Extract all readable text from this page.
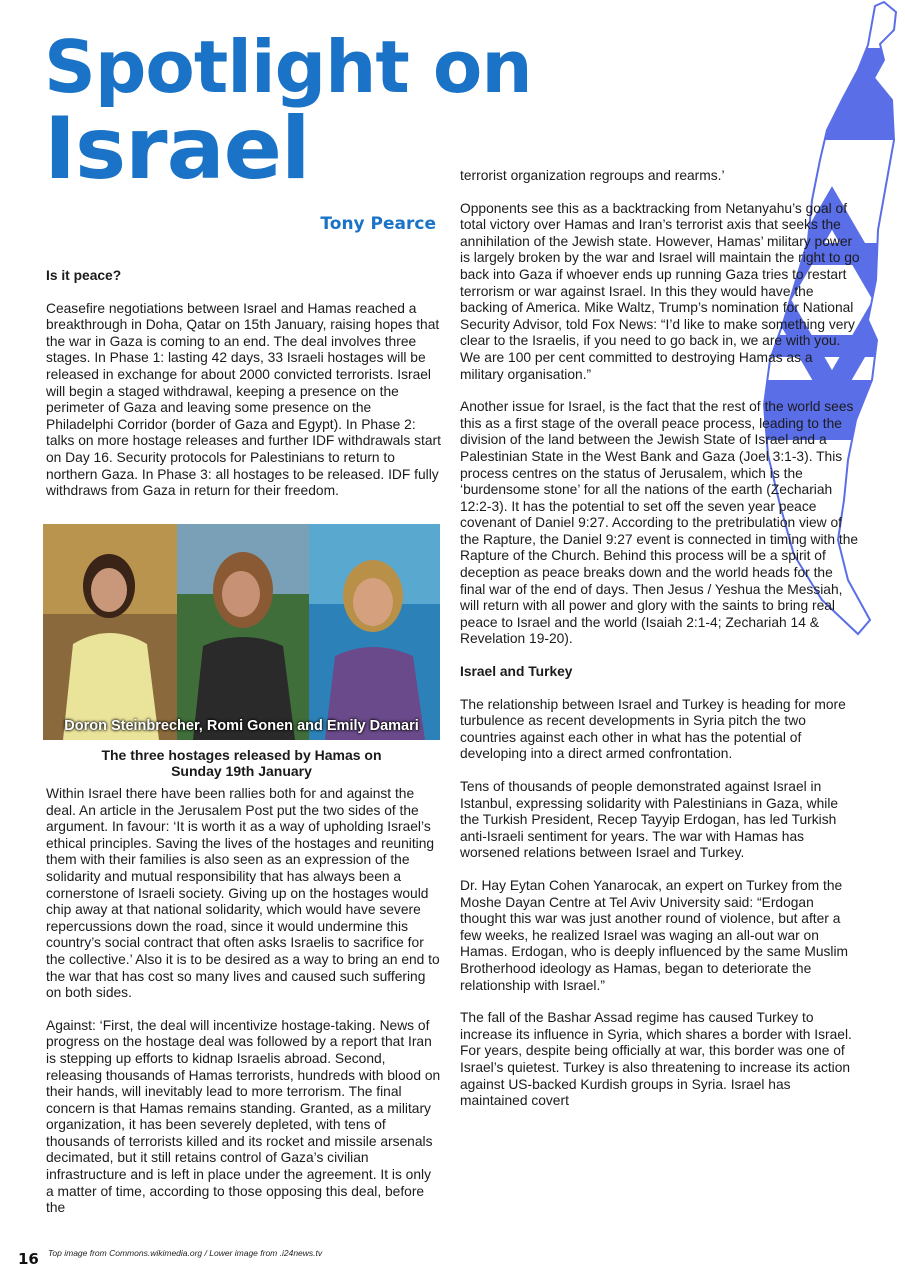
Spotlight on
Israel

Tony Pearce

Is it peace?

Ceasefire negotiations between Israel and Hamas reached a breakthrough in Doha, Qatar on 15th January, raising hopes that the war in Gaza is coming to an end. The deal involves three stages. In Phase 1: lasting 42 days, 33 Israeli hostages will be released in exchange for about 2000 convicted terrorists. Israel will begin a staged withdrawal, keeping a presence on the perimeter of Gaza and leaving some presence on the Philadelphi Corridor (border of Gaza and Egypt). In Phase 2: talks on more hostage releases and further IDF withdrawals start on Day 16. Security protocols for Palestinians to return to northern Gaza. In Phase 3: all hostages to be released. IDF fully withdraws from Gaza in return for their freedom.

Doron Steinbrecher, Romi Gonen and Emily Damari

The three hostages released by Hamas on
Sunday 19th January

Within Israel there have been rallies both for and against the deal. An article in the Jerusalem Post put the two sides of the argument. In favour: ‘It is worth it as a way of upholding Israel’s ethical principles. Saving the lives of the hostages and reuniting them with their families is also seen as an expression of the solidarity and mutual responsibility that has always been a cornerstone of Israeli society. Giving up on the hostages would chip away at that national solidarity, which would have severe repercussions down the road, since it would undermine this country’s social contract that often asks Israelis to sacrifice for the collective.’ Also it is to be desired as a way to bring an end to the war that has cost so many lives and caused such suffering on both sides.

Against: ‘First, the deal will incentivize hostage-taking. News of progress on the hostage deal was followed by a report that Iran is stepping up efforts to kidnap Israelis abroad. Second, releasing thousands of Hamas terrorists, hundreds with blood on their hands, will inevitably lead to more terrorism. The final concern is that Hamas remains standing. Granted, as a military organization, it has been severely depleted, with tens of thousands of terrorists killed and its rocket and missile arsenals decimated, but it still retains control of Gaza’s civilian infrastructure and is left in place under the agreement. It is only a matter of time, according to those opposing this deal, before the

terrorist organization regroups and rearms.’

Opponents see this as a backtracking from Netanyahu’s goal of total victory over Hamas and Iran’s terrorist axis that seeks the annihilation of the Jewish state. However, Hamas’ military power is largely broken by the war and Israel will maintain the right to go back into Gaza if whoever ends up running Gaza tries to restart terrorism or war against Israel. In this they would have the backing of America. Mike Waltz, Trump’s nomination for National Security Advisor, told Fox News: “I’d like to make something very clear to the Israelis, if you need to go back in, we are with you. We are 100 per cent committed to destroying Hamas as a military organisation.”

Another issue for Israel, is the fact that the rest of the world sees this as a first stage of the overall peace process, leading to the division of the land between the Jewish State of Israel and a Palestinian State in the West Bank and Gaza (Joel 3:1-3). This process centres on the status of Jerusalem, which is the ‘burdensome stone’ for all the nations of the earth (Zechariah 12:2-3). It has the potential to set off the seven year peace covenant of Daniel 9:27. According to the pretribulation view of the Rapture, the Daniel 9:27 event is connected in timing with the Rapture of the Church. Behind this process will be a spirit of deception as peace breaks down and the world heads for the final war of the end of days. Then Jesus / Yeshua the Messiah, will return with all power and glory with the saints to bring real peace to Israel and the world (Isaiah 2:1-4; Zechariah 14 & Revelation 19-20).

Israel and Turkey

The relationship between Israel and Turkey is heading for more turbulence as recent developments in Syria pitch the two countries against each other in what has the potential of developing into a direct armed confrontation.

Tens of thousands of people demonstrated against Israel in Istanbul, expressing solidarity with Palestinians in Gaza, while the Turkish President, Recep Tayyip Erdogan, has led Turkish anti-Israeli sentiment for years. The war with Hamas has worsened relations between Israel and Turkey.

Dr. Hay Eytan Cohen Yanarocak, an expert on Turkey from the Moshe Dayan Centre at Tel Aviv University said: “Erdogan thought this war was just another round of violence, but after a few weeks, he realized Israel was waging an all-out war on Hamas. Erdogan, who is deeply influenced by the same Muslim Brotherhood ideology as Hamas, began to deteriorate the relationship with Israel.”

The fall of the Bashar Assad regime has caused Turkey to increase its influence in Syria, which shares a border with Israel. For years, despite being officially at war, this border was one of Israel’s quietest. Turkey is also threatening to increase its action against US-backed Kurdish groups in Syria. Israel has maintained covert

16 Top image from Commons.wikimedia.org / Lower image from .i24news.tv
